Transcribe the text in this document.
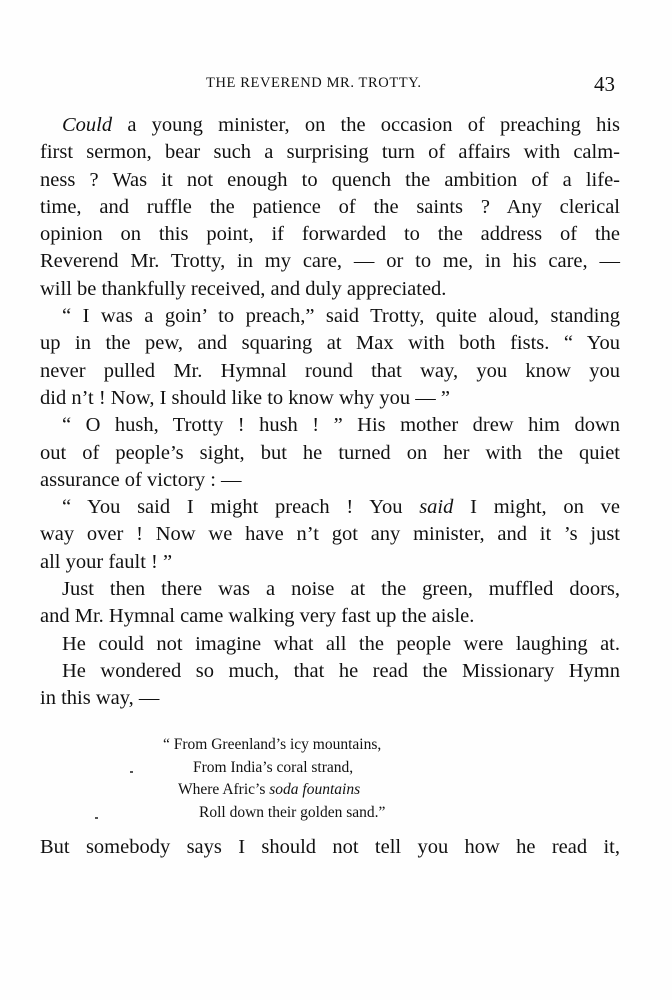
THE REVEREND MR. TROTTY.	43
Could a young minister, on the occasion of preaching his
first sermon, bear such a surprising turn of affairs with calm-
ness ? Was it not enough to quench the ambition of a life-
time, and ruffle the patience of the saints ? Any clerical
opinion on this point, if forwarded to the address of the
Reverend Mr. Trotty, in my care, — or to me, in his care, —
will be thankfully received, and duly appreciated.
“ I was a goin’ to preach,” said Trotty, quite aloud, standing
up in the pew, and squaring at Max with both fists. “ You
never pulled Mr. Hymnal round that way, you know you
did n’t ! Now, I should like to know why you — ”
“ O hush, Trotty ! hush ! ” His mother drew him down
out of people’s sight, but he turned on her with the quiet
assurance of victory : —
“ You said I might preach ! You said I might, on ve
way over ! Now we have n’t got any minister, and it ’s just
all your fault ! ”
Just then there was a noise at the green, muffled doors,
and Mr. Hymnal came walking very fast up the aisle.
He could not imagine what all the people were laughing at.
He wondered so much, that he read the Missionary Hymn
in this way, —
“ From Greenland’s icy mountains,
From India’s coral strand,
Where Afric’s soda fountains
Roll down their golden sand.”
But somebody says I should not tell you how he read it,
